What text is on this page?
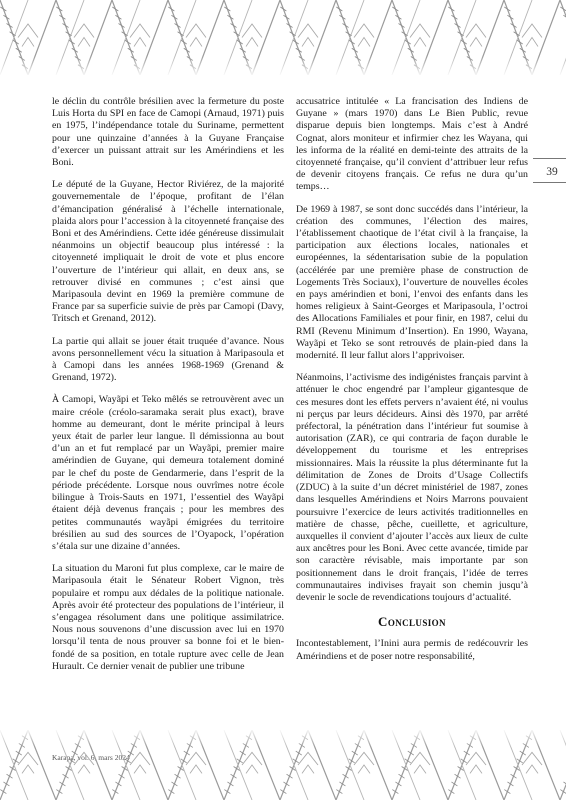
39

le déclin du contrôle brésilien avec la fermeture du poste Luis Horta du SPI en face de Camopi (Arnaud, 1971) puis en 1975, l’indépendance totale du Suriname, permettent pour une quinzaine d’années à la Guyane Française d’exercer un puissant attrait sur les Amérindiens et les Boni.

Le député de la Guyane, Hector Riviérez, de la majorité gouvernementale de l’époque, profitant de l’élan d’émancipation généralisé à l’échelle internationale, plaida alors pour l’accession à la citoyenneté française des Boni et des Amérindiens. Cette idée généreuse dissimulait néanmoins un objectif beaucoup plus intéressé : la citoyenneté impliquait le droit de vote et plus encore l’ouverture de l’intérieur qui allait, en deux ans, se retrouver divisé en communes ; c’est ainsi que Maripasoula devint en 1969 la première commune de France par sa superficie suivie de près par Camopi (Davy, Tritsch et Grenand, 2012).

La partie qui allait se jouer était truquée d’avance. Nous avons personnellement vécu la situation à Maripasoula et à Camopi dans les années 1968-1969 (Grenand & Grenand, 1972).

À Camopi, Wayãpi et Teko mêlés se retrouvèrent avec un maire créole (créolo-saramaka serait plus exact), brave homme au demeurant, dont le mérite principal à leurs yeux était de parler leur langue. Il démissionna au bout d’un an et fut remplacé par un Wayãpi, premier maire amérindien de Guyane, qui demeura totalement dominé par le chef du poste de Gendarmerie, dans l’esprit de la période précédente. Lorsque nous ouvrîmes notre école bilingue à Trois-Sauts en 1971, l’essentiel des Wayãpi étaient déjà devenus français ; pour les membres des petites communautés wayãpi émigrées du territoire brésilien au sud des sources de l’Oyapock, l’opération s’étala sur une dizaine d’années.

La situation du Maroni fut plus complexe, car le maire de Maripasoula était le Sénateur Robert Vignon, très populaire et rompu aux dédales de la politique nationale. Après avoir été protecteur des populations de l’intérieur, il s’engagea résolument dans une politique assimilatrice. Nous nous souvenons d’une discussion avec lui en 1970 lorsqu’il tenta de nous prouver sa bonne foi et le bien-fondé de sa position, en totale rupture avec celle de Jean Hurault. Ce dernier venait de publier une tribune

accusatrice intitulée « La francisation des Indiens de Guyane » (mars 1970) dans Le Bien Public, revue disparue depuis bien longtemps. Mais c’est à André Cognat, alors moniteur et infirmier chez les Wayana, qui les informa de la réalité en demi-teinte des attraits de la citoyenneté française, qu’il convient d’attribuer leur refus de devenir citoyens français. Ce refus ne dura qu’un temps…

De 1969 à 1987, se sont donc succédés dans l’intérieur, la création des communes, l’élection des maires, l’établissement chaotique de l’état civil à la française, la participation aux élections locales, nationales et européennes, la sédentarisation subie de la population (accélérée par une première phase de construction de Logements Très Sociaux), l’ouverture de nouvelles écoles en pays amérindien et boni, l’envoi des enfants dans les homes religieux à Saint-Georges et Maripasoula, l’octroi des Allocations Familiales et pour finir, en 1987, celui du RMI (Revenu Minimum d’Insertion). En 1990, Wayana, Wayãpi et Teko se sont retrouvés de plain-pied dans la modernité. Il leur fallut alors l’apprivoiser.

Néanmoins, l’activisme des indigénistes français parvint à atténuer le choc engendré par l’ampleur gigantesque de ces mesures dont les effets pervers n’avaient été, ni voulus ni perçus par leurs décideurs. Ainsi dès 1970, par arrêté préfectoral, la pénétration dans l’intérieur fut soumise à autorisation (ZAR), ce qui contraria de façon durable le développement du tourisme et les entreprises missionnaires. Mais la réussite la plus déterminante fut la délimitation de Zones de Droits d’Usage Collectifs (ZDUC) à la suite d’un décret ministériel de 1987, zones dans lesquelles Amérindiens et Noirs Marrons pouvaient poursuivre l’exercice de leurs activités traditionnelles en matière de chasse, pêche, cueillette, et agriculture, auxquelles il convient d’ajouter l’accès aux lieux de culte aux ancêtres pour les Boni. Avec cette avancée, timide par son caractère révisable, mais importante par son positionnement dans le droit français, l’idée de terres communautaires indivises frayait son chemin jusqu’à devenir le socle de revendications toujours d’actualité.

Conclusion

Incontestablement, l’Inini aura permis de redécouvrir les Amérindiens et de poser notre responsabilité,
